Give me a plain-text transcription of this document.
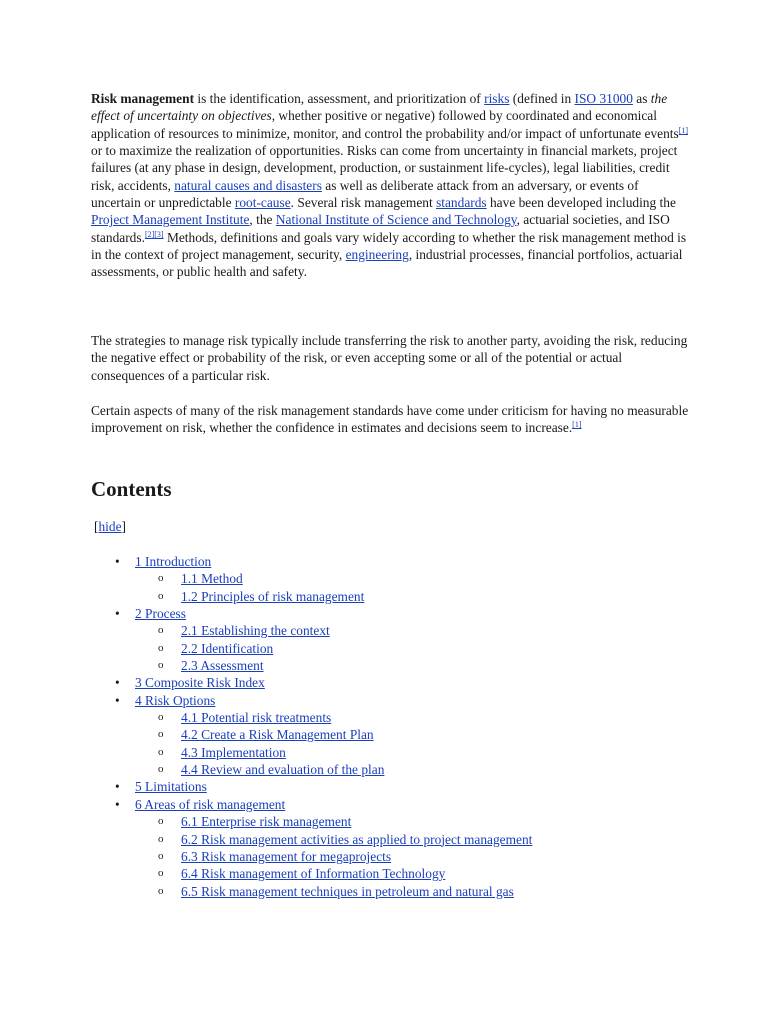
Risk management is the identification, assessment, and prioritization of risks (defined in ISO 31000 as the effect of uncertainty on objectives, whether positive or negative) followed by coordinated and economical application of resources to minimize, monitor, and control the probability and/or impact of unfortunate events[1] or to maximize the realization of opportunities. Risks can come from uncertainty in financial markets, project failures (at any phase in design, development, production, or sustainment life-cycles), legal liabilities, credit risk, accidents, natural causes and disasters as well as deliberate attack from an adversary, or events of uncertain or unpredictable root-cause. Several risk management standards have been developed including the Project Management Institute, the National Institute of Science and Technology, actuarial societies, and ISO standards.[2][3] Methods, definitions and goals vary widely according to whether the risk management method is in the context of project management, security, engineering, industrial processes, financial portfolios, actuarial assessments, or public health and safety.

The strategies to manage risk typically include transferring the risk to another party, avoiding the risk, reducing the negative effect or probability of the risk, or even accepting some or all of the potential or actual consequences of a particular risk.

Certain aspects of many of the risk management standards have come under criticism for having no measurable improvement on risk, whether the confidence in estimates and decisions seem to increase.[1]

Contents
[hide]
• 1 Introduction
o 1.1 Method
o 1.2 Principles of risk management
• 2 Process
o 2.1 Establishing the context
o 2.2 Identification
o 2.3 Assessment
• 3 Composite Risk Index
• 4 Risk Options
o 4.1 Potential risk treatments
o 4.2 Create a Risk Management Plan
o 4.3 Implementation
o 4.4 Review and evaluation of the plan
• 5 Limitations
• 6 Areas of risk management
o 6.1 Enterprise risk management
o 6.2 Risk management activities as applied to project management
o 6.3 Risk management for megaprojects
o 6.4 Risk management of Information Technology
o 6.5 Risk management techniques in petroleum and natural gas
